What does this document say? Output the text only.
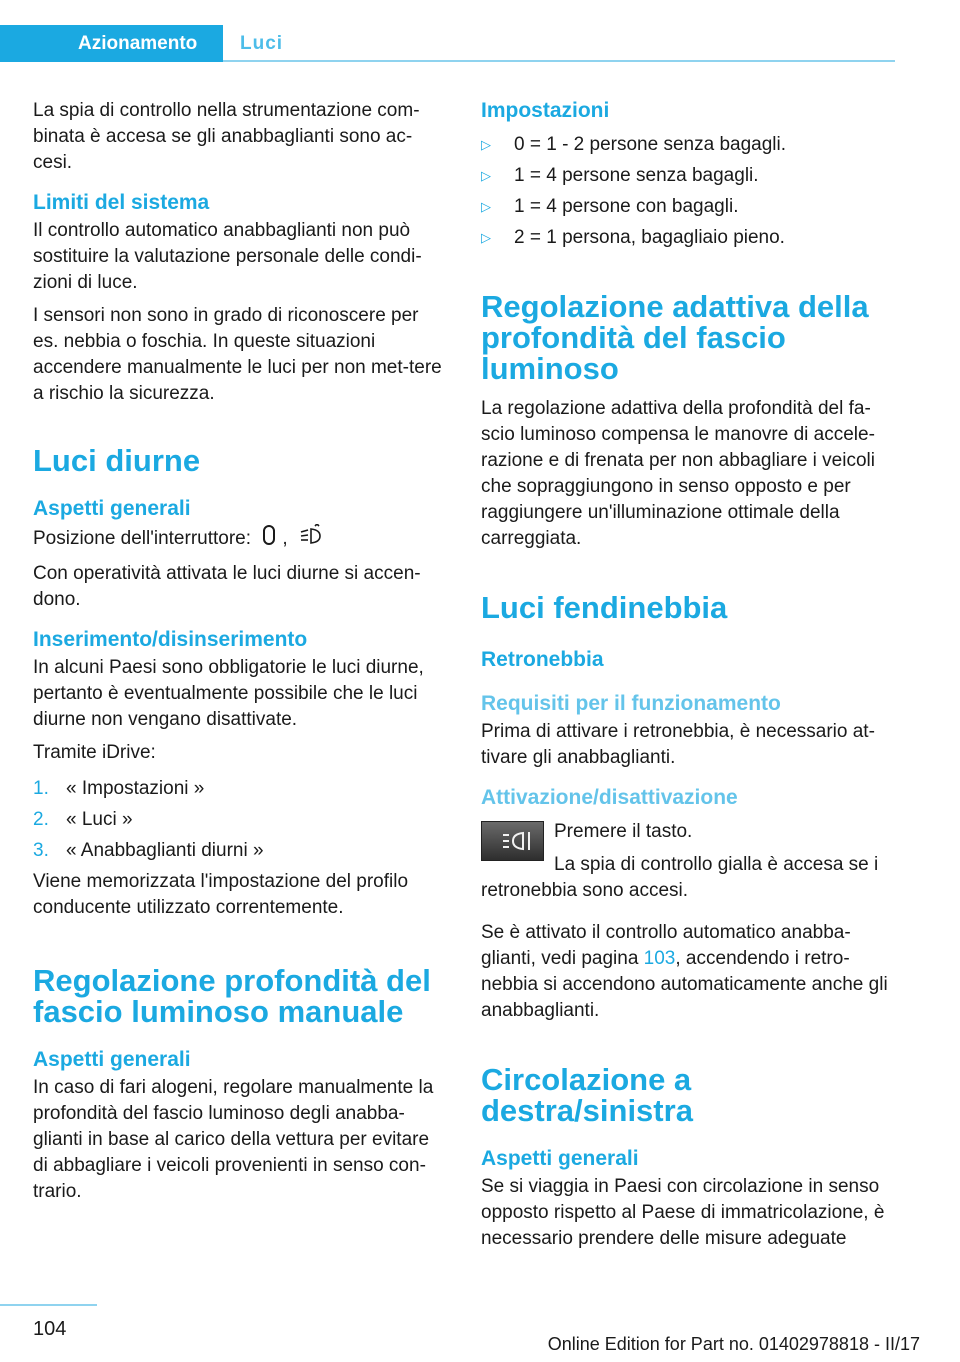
Azionamento	Luci

La spia di controllo nella strumentazione com-binata è accesa se gli anabbaglianti sono ac-cesi.

Limiti del sistema

Il controllo automatico anabbaglianti non può sostituire la valutazione personale delle condi-zioni di luce.

I sensori non sono in grado di riconoscere per es. nebbia o foschia. In queste situazioni accendere manualmente le luci per non met-tere a rischio la sicurezza.

Luci diurne
Aspetti generali

Posizione dell'interruttore: ,

Con operatività attivata le luci diurne si accen-dono.

Inserimento/disinserimento

In alcuni Paesi sono obbligatorie le luci diurne, pertanto è eventualmente possibile che le luci diurne non vengano disattivate.

Tramite iDrive:

1. « Impostazioni »
2. « Luci »
3. « Anabbaglianti diurni »

Viene memorizzata l'impostazione del profilo conducente utilizzato correntemente.

Regolazione profondità del fascio luminoso manuale
Aspetti generali

In caso di fari alogeni, regolare manualmente la profondità del fascio luminoso degli anabba-glianti in base al carico della vettura per evitare di abbagliare i veicoli provenienti in senso con-trario.

Impostazioni
▷	0 = 1 - 2 persone senza bagagli.
▷	1 = 4 persone senza bagagli.
▷	1 = 4 persone con bagagli.
▷	2 = 1 persona, bagagliaio pieno.
Regolazione adattiva della profondità del fascio luminoso

La regolazione adattiva della profondità del fa-scio luminoso compensa le manovre di accele-razione e di frenata per non abbagliare i veicoli che sopraggiungono in senso opposto e per raggiungere un'illuminazione ottimale della carreggiata.

Luci fendinebbia
Retronebbia
Requisiti per il funzionamento

Prima di attivare i retronebbia, è necessario at-tivare gli anabbaglianti.

Attivazione/disattivazione

Premere il tasto.

La spia di controllo gialla è accesa se i retronebbia sono accesi.

Se è attivato il controllo automatico anabba-glianti, vedi pagina 103, accendendo i retro-nebbia si accendono automaticamente anche gli anabbaglianti.

Circolazione a destra/sinistra
Aspetti generali

Se si viaggia in Paesi con circolazione in senso opposto rispetto al Paese di immatricolazione, è necessario prendere delle misure adeguate

104
Online Edition for Part no. 01402978818 - II/17
